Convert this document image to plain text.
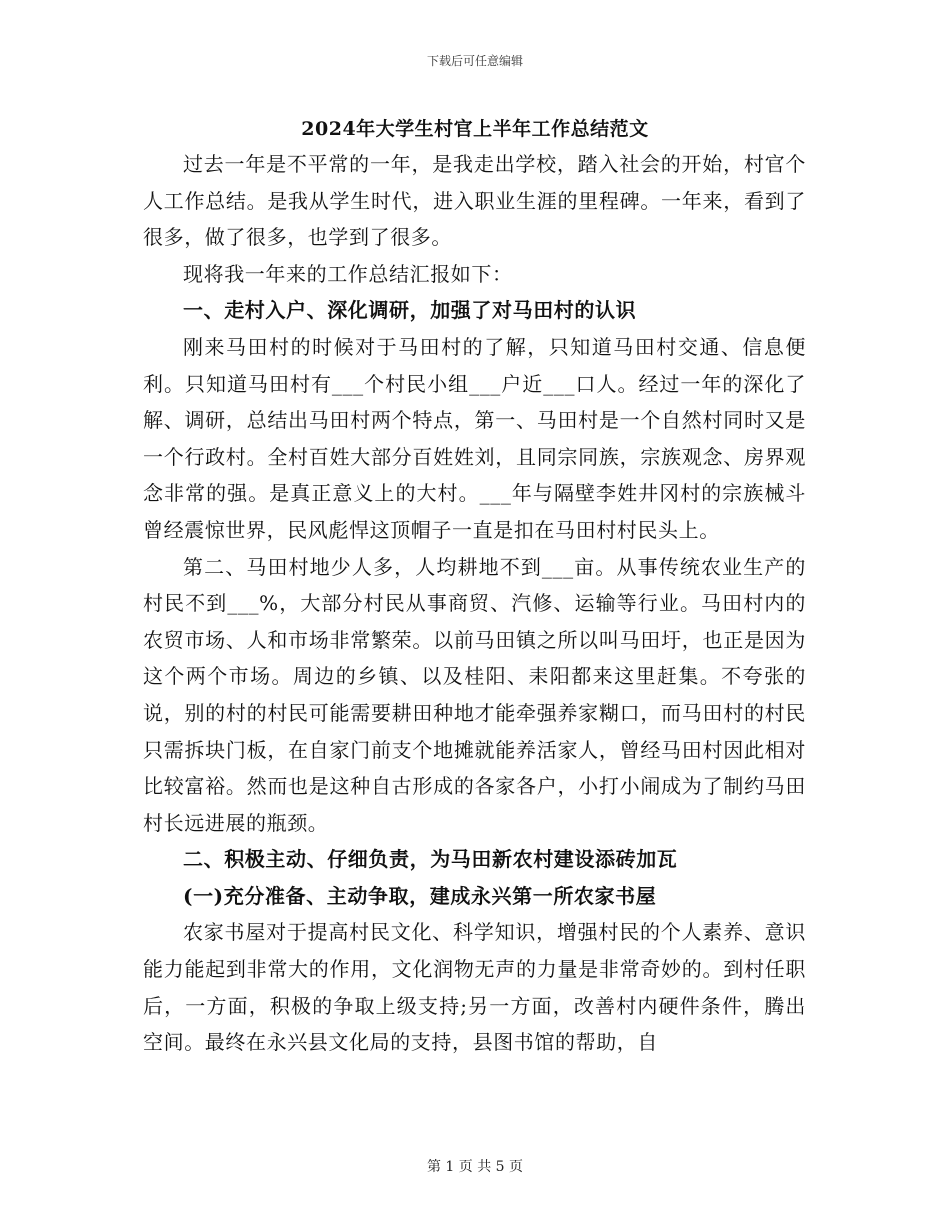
下载后可任意编辑
2024年大学生村官上半年工作总结范文

过去一年是不平常的一年，是我走出学校，踏入社会的开始，村官个人工作总结。是我从学生时代，进入职业生涯的里程碑。一年来，看到了很多，做了很多，也学到了很多。

现将我一年来的工作总结汇报如下：

一、走村入户、深化调研，加强了对马田村的认识

刚来马田村的时候对于马田村的了解，只知道马田村交通、信息便利。只知道马田村有___个村民小组___户近___口人。经过一年的深化了解、调研，总结出马田村两个特点，第一、马田村是一个自然村同时又是一个行政村。全村百姓大部分百姓姓刘，且同宗同族，宗族观念、房界观念非常的强。是真正意义上的大村。___年与隔壁李姓井冈村的宗族械斗曾经震惊世界，民风彪悍这顶帽子一直是扣在马田村村民头上。

第二、马田村地少人多，人均耕地不到___亩。从事传统农业生产的村民不到___%，大部分村民从事商贸、汽修、运输等行业。马田村内的农贸市场、人和市场非常繁荣。以前马田镇之所以叫马田圩，也正是因为这个两个市场。周边的乡镇、以及桂阳、耒阳都来这里赶集。不夸张的说，别的村的村民可能需要耕田种地才能牵强养家糊口，而马田村的村民只需拆块门板，在自家门前支个地摊就能养活家人，曾经马田村因此相对比较富裕。然而也是这种自古形成的各家各户，小打小闹成为了制约马田村长远进展的瓶颈。

二、积极主动、仔细负责，为马田新农村建设添砖加瓦

(一)充分准备、主动争取，建成永兴第一所农家书屋

农家书屋对于提高村民文化、科学知识，增强村民的个人素养、意识能力能起到非常大的作用，文化润物无声的力量是非常奇妙的。到村任职后，一方面，积极的争取上级支持;另一方面，改善村内硬件条件，腾出空间。最终在永兴县文化局的支持，县图书馆的帮助，自

第 1 页 共 5 页
